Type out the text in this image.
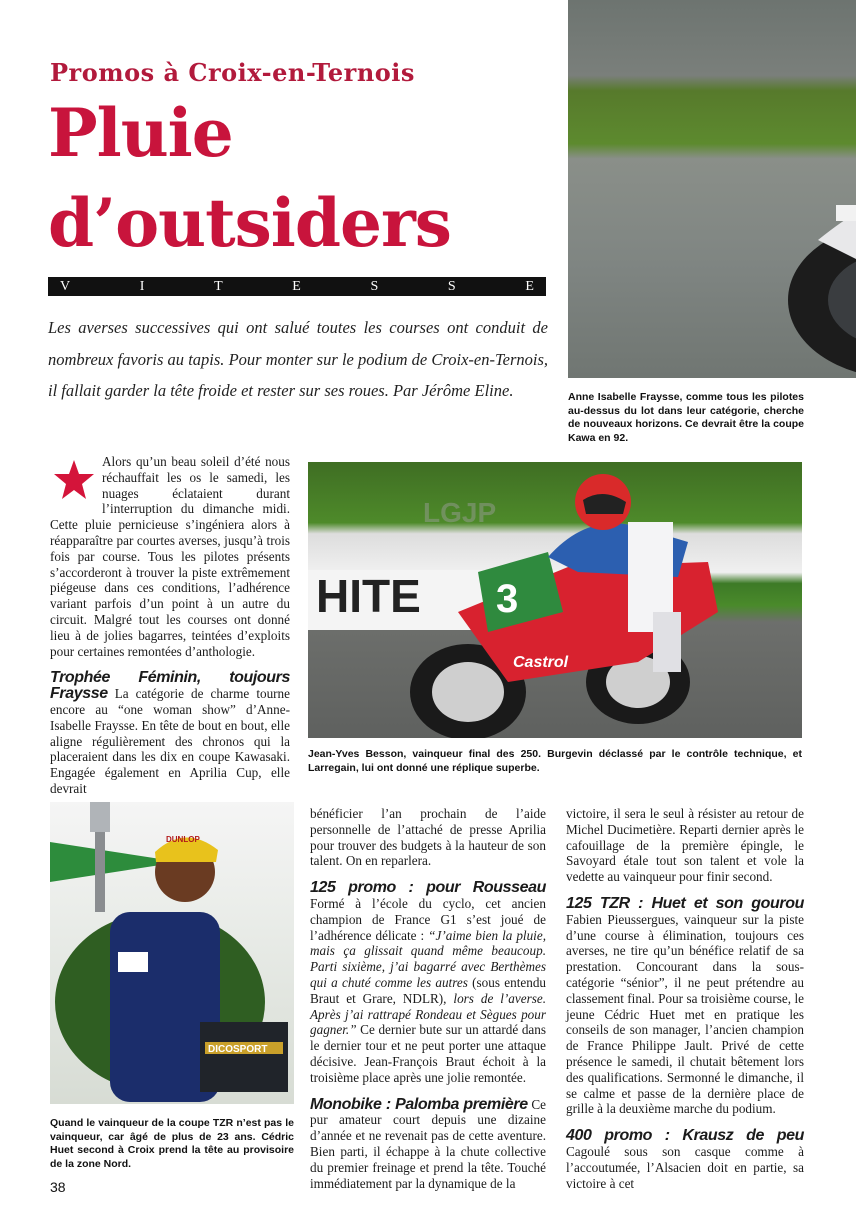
Promos à Croix-en-Ternois
Pluie
d’outsiders
V	I	T	E	S	S	E
Les averses successives qui ont salué toutes les courses ont conduit de nombreux favoris au tapis. Pour monter sur le podium de Croix-en-Ternois, il fallait garder la tête froide et rester sur ses roues. Par Jérôme Eline.	Anne Isabelle Fraysse, comme tous les pilotes au-dessus du lot dans leur catégorie, cherche de nouveaux horizons. Ce devrait être la coupe Kawa en 92.
HITE 3
Castrol
LGJP
Jean-Yves Besson, vainqueur final des 250. Burgevin déclassé par le contrôle technique, et Larregain, lui ont donné une réplique superbe.
DUNLOP
DICOSPORT
Quand le vainqueur de la coupe TZR n’est pas le vainqueur, car âgé de plus de 23 ans. Cédric Huet second à Croix prend la tête au provisoire de la zone Nord.

Alors qu’un beau soleil d’été nous réchauffait les os le samedi, les nuages éclataient durant l’interruption du dimanche midi. Cette pluie pernicieuse s’ingéniera alors à réapparaître par courtes averses, jusqu’à trois fois par course. Tous les pilotes présents s’accorderont à trouver la piste extrêmement piégeuse dans ces conditions, l’adhérence variant parfois d’un point à un autre du circuit. Malgré tout les courses ont donné lieu à de jolies bagarres, teintées d’exploits pour certaines remontées d’anthologie.

Trophée Féminin, toujours Fraysse La catégorie de charme tourne encore au “one woman show” d’Anne-Isabelle Fraysse. En tête de bout en bout, elle aligne régulièrement des chronos qui la placeraient dans les dix en coupe Kawasaki. Engagée également en Aprilia Cup, elle devrait

bénéficier l’an prochain de l’aide personnelle de l’attaché de presse Aprilia pour trouver des budgets à la hauteur de son talent. On en reparlera.

125 promo : pour Rousseau Formé à l’école du cyclo, cet ancien champion de France G1 s’est joué de l’adhérence délicate : “J’aime bien la pluie, mais ça glissait quand même beaucoup. Parti sixième, j’ai bagarré avec Berthèmes qui a chuté comme les autres (sous entendu Braut et Grare, NDLR), lors de l’averse. Après j’ai rattrapé Rondeau et Sègues pour gagner.” Ce dernier bute sur un attardé dans le dernier tour et ne peut porter une attaque décisive. Jean-François Braut échoit à la troisième place après une jolie remontée.

Monobike : Palomba première Ce pur amateur court depuis une dizaine d’année et ne revenait pas de cette aventure. Bien parti, il échappe à la chute collective du premier freinage et prend la tête. Touché immédiatement par la dynamique de la

victoire, il sera le seul à résister au retour de Michel Ducimetière. Reparti dernier après le cafouillage de la première épingle, le Savoyard étale tout son talent et vole la vedette au vainqueur pour finir second.

125 TZR : Huet et son gourou Fabien Pieussergues, vainqueur sur la piste d’une course à élimination, toujours ces averses, ne tire qu’un bénéfice relatif de sa prestation. Concourant dans la sous-catégorie “sénior”, il ne peut prétendre au classement final. Pour sa troisième course, le jeune Cédric Huet met en pratique les conseils de son manager, l’ancien champion de France Philippe Jault. Privé de cette présence le samedi, il chutait bêtement lors des qualifications. Sermonné le dimanche, il se calme et passe de la dernière place de grille à la deuxième marche du podium.

400 promo : Krausz de peu Cagoulé sous son casque comme à l’accoutumée, l’Alsacien doit en partie, sa victoire à cet

38
